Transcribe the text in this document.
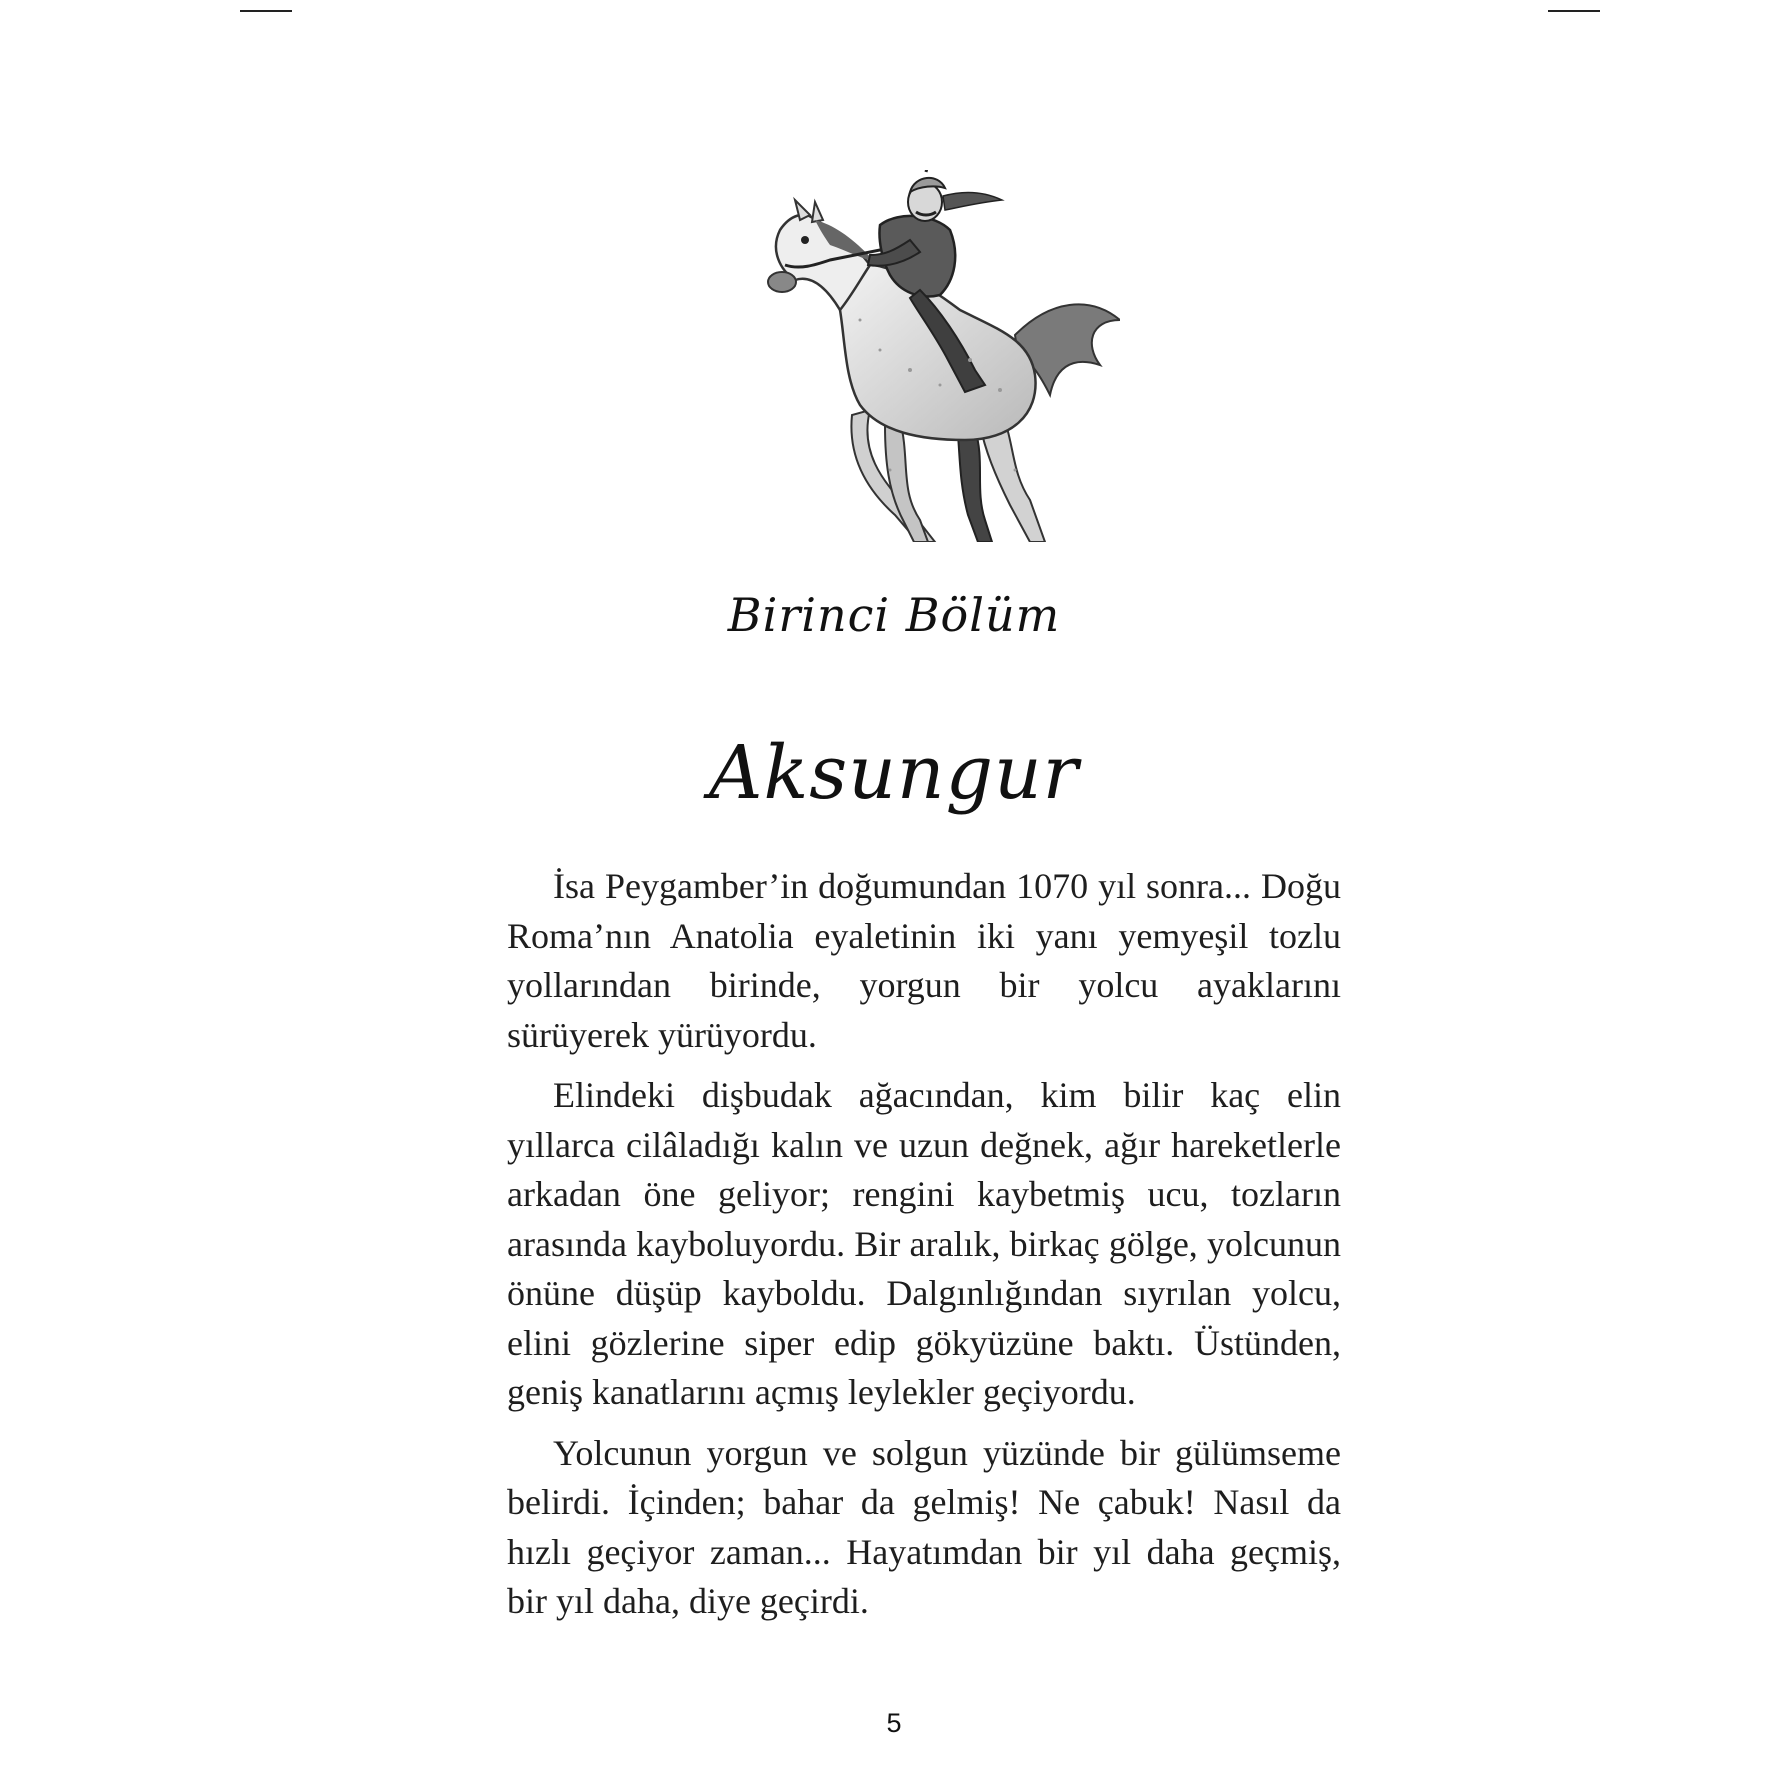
Birinci Bölüm
Aksungur

İsa Peygamber’in doğumundan 1070 yıl sonra... Doğu Roma’nın Anatolia eyaletinin iki yanı yemyeşil tozlu yollarından birinde, yorgun bir yolcu ayaklarını sürüyerek yürüyordu.

Elindeki dişbudak ağacından, kim bilir kaç elin yıllarca cilâladığı kalın ve uzun değnek, ağır hareketlerle arkadan öne geliyor; rengini kaybetmiş ucu, tozların arasında kayboluyordu. Bir aralık, birkaç gölge, yolcunun önüne düşüp kayboldu. Dalgınlığından sıyrılan yolcu, elini gözlerine siper edip gökyüzüne baktı. Üstünden, geniş kanatlarını açmış leylekler geçiyordu.

Yolcunun yorgun ve solgun yüzünde bir gülümseme belirdi. İçinden; bahar da gelmiş! Ne çabuk! Nasıl da hızlı geçiyor zaman... Hayatımdan bir yıl daha geçmiş, bir yıl daha, diye geçirdi.

5
